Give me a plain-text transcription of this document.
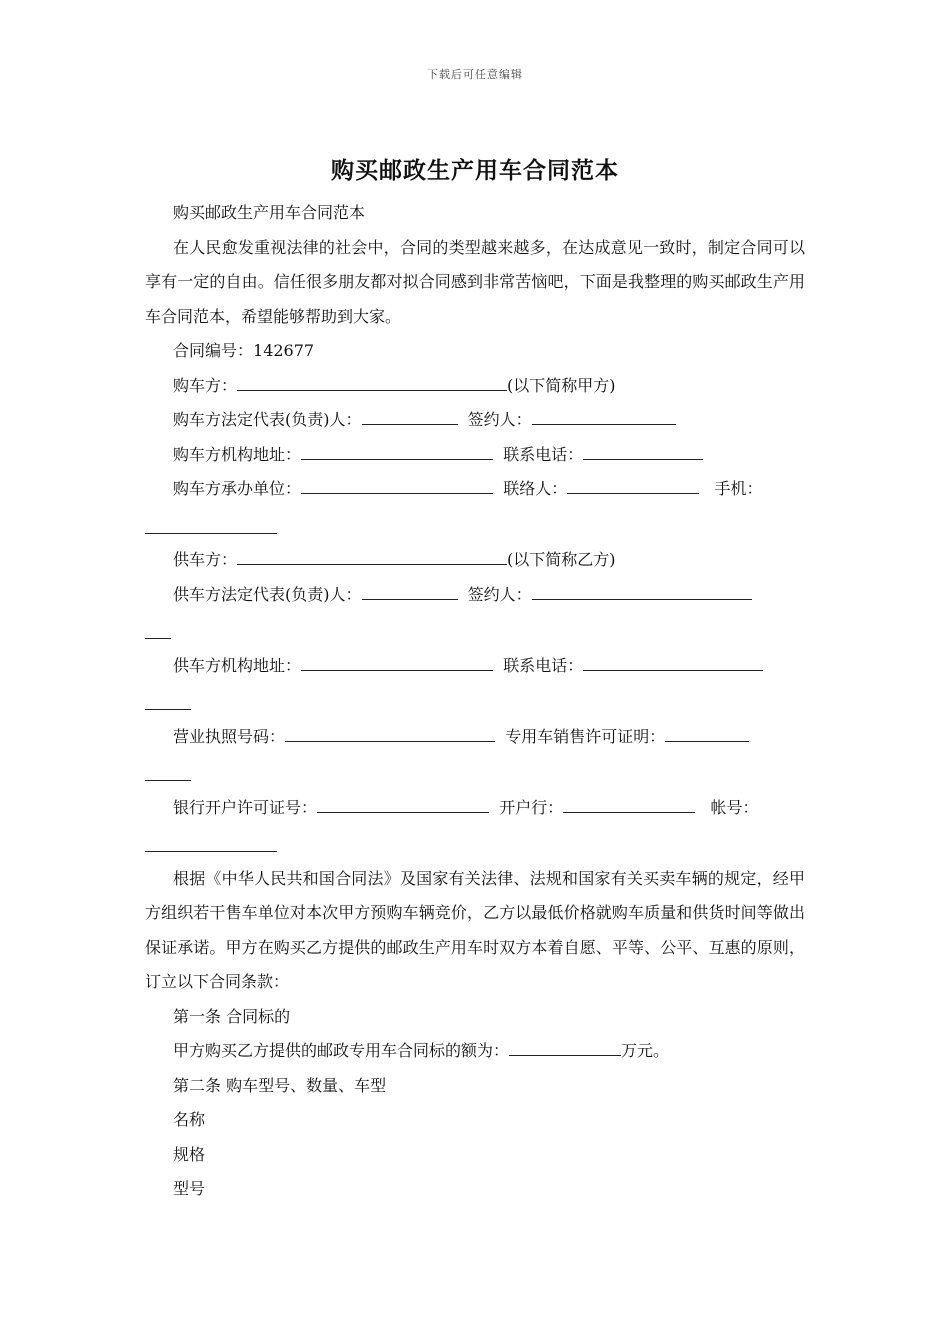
下载后可任意编辑
购买邮政生产用车合同范本

购买邮政生产用车合同范本

在人民愈发重视法律的社会中，合同的类型越来越多，在达成意见一致时，制定合同可以享有一定的自由。信任很多朋友都对拟合同感到非常苦恼吧，下面是我整理的购买邮政生产用车合同范本，希望能够帮助到大家。

合同编号：142677

购车方：	(以下简称甲方)

购车方法定代表(负责)人：	签约人：

购车方机构地址：	联系电话：

购车方承办单位：	联络人：	手机：

供车方：	(以下简称乙方)

供车方法定代表(负责)人：	签约人：

供车方机构地址：	联系电话：

营业执照号码：	专用车销售许可证明：

银行开户许可证号：	开户行：	帐号：

根据《中华人民共和国合同法》及国家有关法律、法规和国家有关买卖车辆的规定，经甲方组织若干售车单位对本次甲方预购车辆竞价，乙方以最低价格就购车质量和供货时间等做出保证承诺。甲方在购买乙方提供的邮政生产用车时双方本着自愿、平等、公平、互惠的原则，订立以下合同条款：

第一条 合同标的

甲方购买乙方提供的邮政专用车合同标的额为：	万元。

第二条 购车型号、数量、车型

名称

规格

型号
